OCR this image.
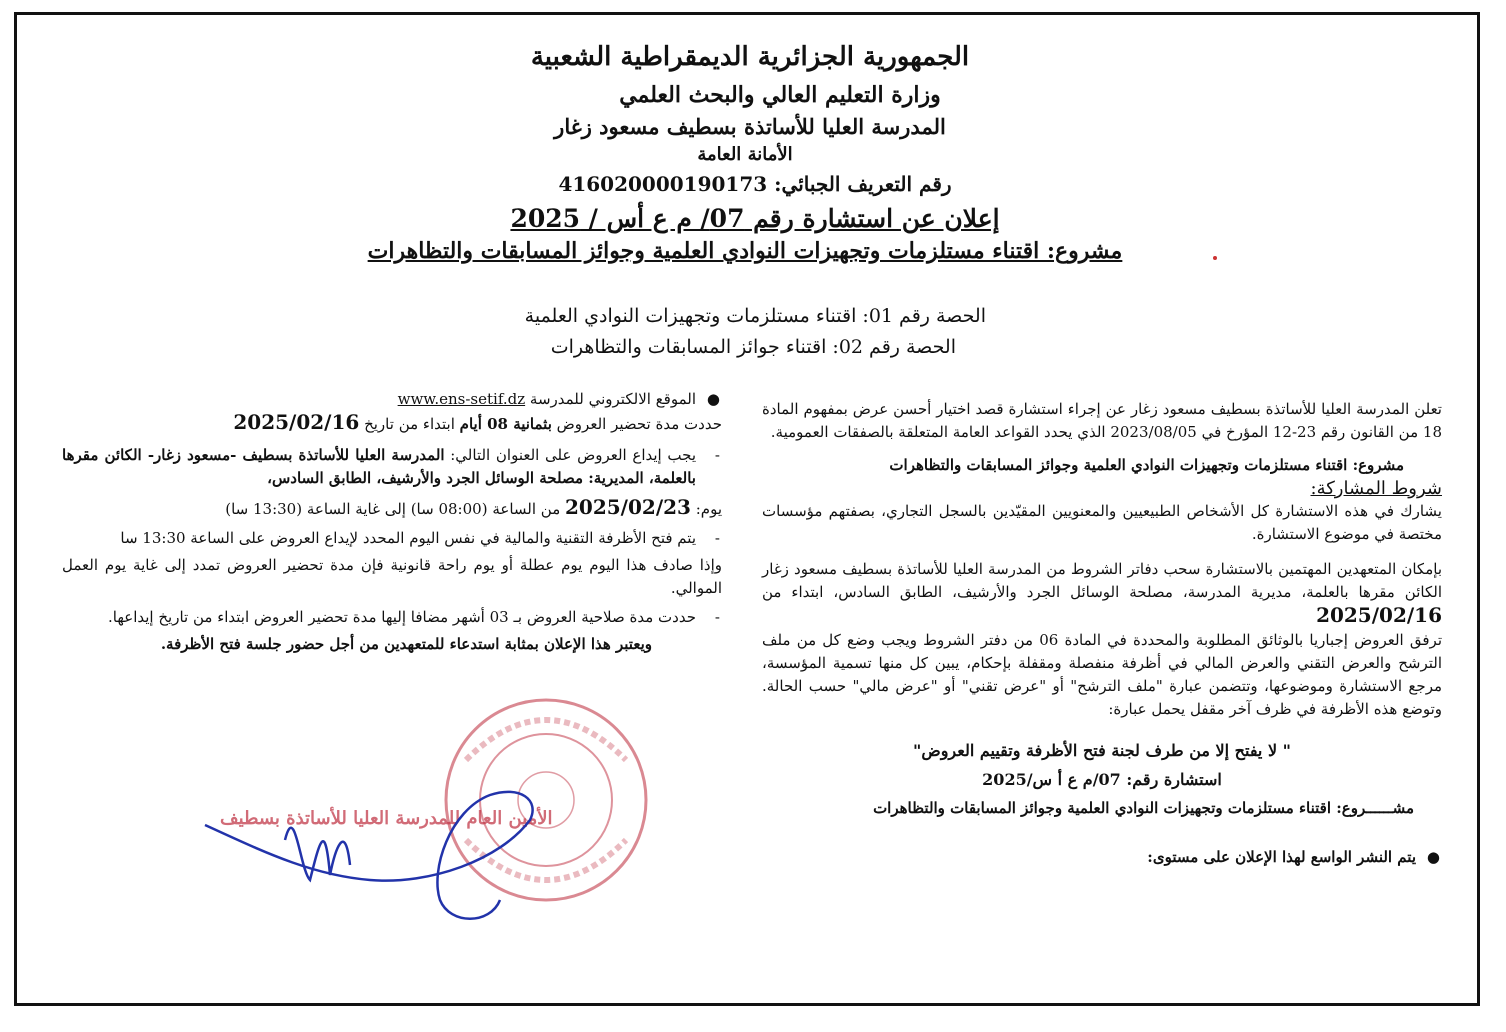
الجمهورية الجزائرية الديمقراطية الشعبية
وزارة التعليم العالي والبحث العلمي
المدرسة العليا للأساتذة بسطيف مسعود زغار
الأمانة العامة
رقم التعريف الجبائي: 416020000190173
إعلان عن استشارة رقم 07/ م ع أس / 2025
مشروع: اقتناء مستلزمات وتجهيزات النوادي العلمية وجوائز المسابقات والتظاهرات
الحصة رقم 01: اقتناء مستلزمات وتجهيزات النوادي العلمية
الحصة رقم 02: اقتناء جوائز المسابقات والتظاهرات

تعلن المدرسة العليا للأساتذة بسطيف مسعود زغار عن إجراء استشارة قصد اختيار أحسن عرض بمفهوم المادة 18 من القانون رقم 23-12 المؤرخ في 2023/08/05 الذي يحدد القواعد العامة المتعلقة بالصفقات العمومية.

مشروع: اقتناء مستلزمات وتجهيزات النوادي العلمية وجوائز المسابقات والتظاهرات

شروط المشاركة:

يشارك في هذه الاستشارة كل الأشخاص الطبيعيين والمعنويين المقيّدين بالسجل التجاري، بصفتهم مؤسسات مختصة في موضوع الاستشارة.

بإمكان المتعهدين المهتمين بالاستشارة سحب دفاتر الشروط من المدرسة العليا للأساتذة بسطيف مسعود زغار الكائن مقرها بالعلمة، مديرية المدرسة، مصلحة الوسائل الجرد والأرشيف، الطابق السادس، ابتداء من 2025/02/16

ترفق العروض إجباريا بالوثائق المطلوبة والمحددة في المادة 06 من دفتر الشروط ويجب وضع كل من ملف الترشح والعرض التقني والعرض المالي في أظرفة منفصلة ومقفلة بإحكام، يبين كل منها تسمية المؤسسة، مرجع الاستشارة وموضوعها، وتتضمن عبارة "ملف الترشح" أو "عرض تقني" أو "عرض مالي" حسب الحالة. وتوضع هذه الأظرفة في ظرف آخر مقفل يحمل عبارة:

" لا يفتح إلا من طرف لجنة فتح الأظرفة وتقييم العروض"

استشارة رقم: 07/م ع أ س/2025

مشــــــروع: اقتناء مستلزمات وتجهيزات النوادي العلمية وجوائز المسابقات والتظاهرات

●
يتم النشر الواسع لهذا الإعلان على مستوى:

●
الموقع الالكتروني للمدرسة www.ens-setif.dz

حددت مدة تحضير العروض بثمانية 08 أيام ابتداء من تاريخ 2025/02/16

-
يجب إيداع العروض على العنوان التالي: المدرسة العليا للأساتذة بسطيف -مسعود زغار- الكائن مقرها بالعلمة، المديرية: مصلحة الوسائل الجرد والأرشيف، الطابق السادس،

يوم: 2025/02/23 من الساعة (08:00 سا) إلى غاية الساعة (13:30 سا)

-
يتم فتح الأظرفة التقنية والمالية في نفس اليوم المحدد لإيداع العروض على الساعة 13:30 سا

وإذا صادف هذا اليوم يوم عطلة أو يوم راحة قانونية فإن مدة تحضير العروض تمدد إلى غاية يوم العمل الموالي.

-
حددت مدة صلاحية العروض بـ 03 أشهر مضافا إليها مدة تحضير العروض ابتداء من تاريخ إيداعها.

ويعتبر هذا الإعلان بمثابة استدعاء للمتعهدين من أجل حضور جلسة فتح الأظرفة.

الأمين العام للمدرسة العليا للأساتذة بسطيف
